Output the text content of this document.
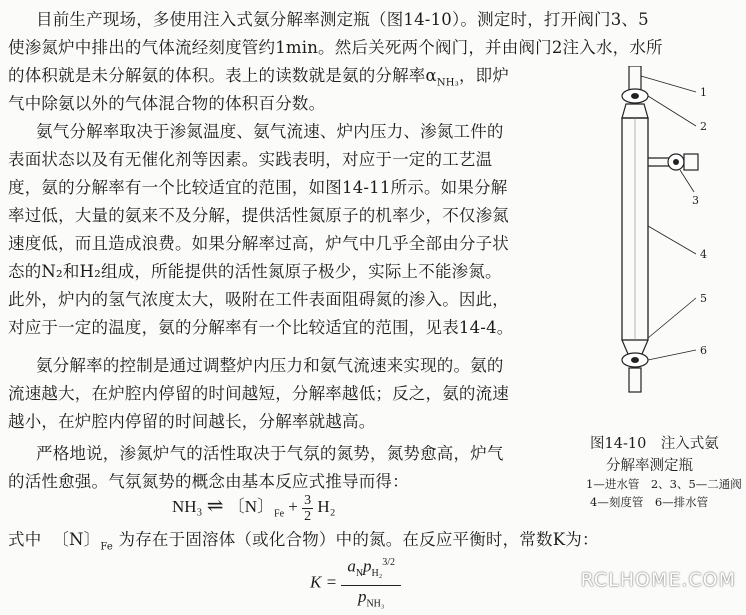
目前生产现场，多使用注入式氨分解率测定瓶（图14-10）。测定时，打开阀门3、5
使渗氮炉中排出的气体流经刻度管约1min。然后关死两个阀门，并由阀门2注入水，水所
的体积就是未分解氨的体积。表上的读数就是氨的分解率$\alpha_{NH_3}$，即炉
气中除氨以外的气体混合物的体积百分数。
氨气分解率取决于渗氮温度、氨气流速、炉内压力、渗氮工件的
表面状态以及有无催化剂等因素。实践表明，对应于一定的工艺温
度，氨的分解率有一个比较适宜的范围，如图14-11所示。如果分解
率过低，大量的氨来不及分解，提供活性氮原子的机率少，不仅渗氮
速度低，而且造成浪费。如果分解率过高，炉气中几乎全部由分子状
态的N₂和H₂组成，所能提供的活性氮原子极少，实际上不能渗氮。
此外，炉内的氢气浓度太大，吸附在工件表面阻碍氮的渗入。因此，
对应于一定的温度，氨的分解率有一个比较适宜的范围，见表14-4。
氨分解率的控制是通过调整炉内压力和氨气流速来实现的。氨的
流速越大，在炉腔内停留的时间越短，分解率越低；反之，氨的流速
越小，在炉腔内停留的时间越长，分解率就越高。
严格地说，渗氮炉气的活性取决于气氛的氮势，氮势愈高，炉气
的活性愈强。气氛氮势的概念由基本反应式推导而得：
NH₃ ⇌ 〔N〕$_{Fe} + \frac{3}{2} H_2$
式中 〔N〕$_{Fe}$ 为存在于固溶体（或化合物）中的氮。在反应平衡时，常数K为：
$K = \frac{a_Np_{H_2}^{3/2}}{p_{NH_3}}$
1
2
3
4
5
6
图14-10　注入式氨
分解率测定瓶
1—进水管　2、3、5—二通阀
4—刻度管　6—排水管
RCLHOME.COM
